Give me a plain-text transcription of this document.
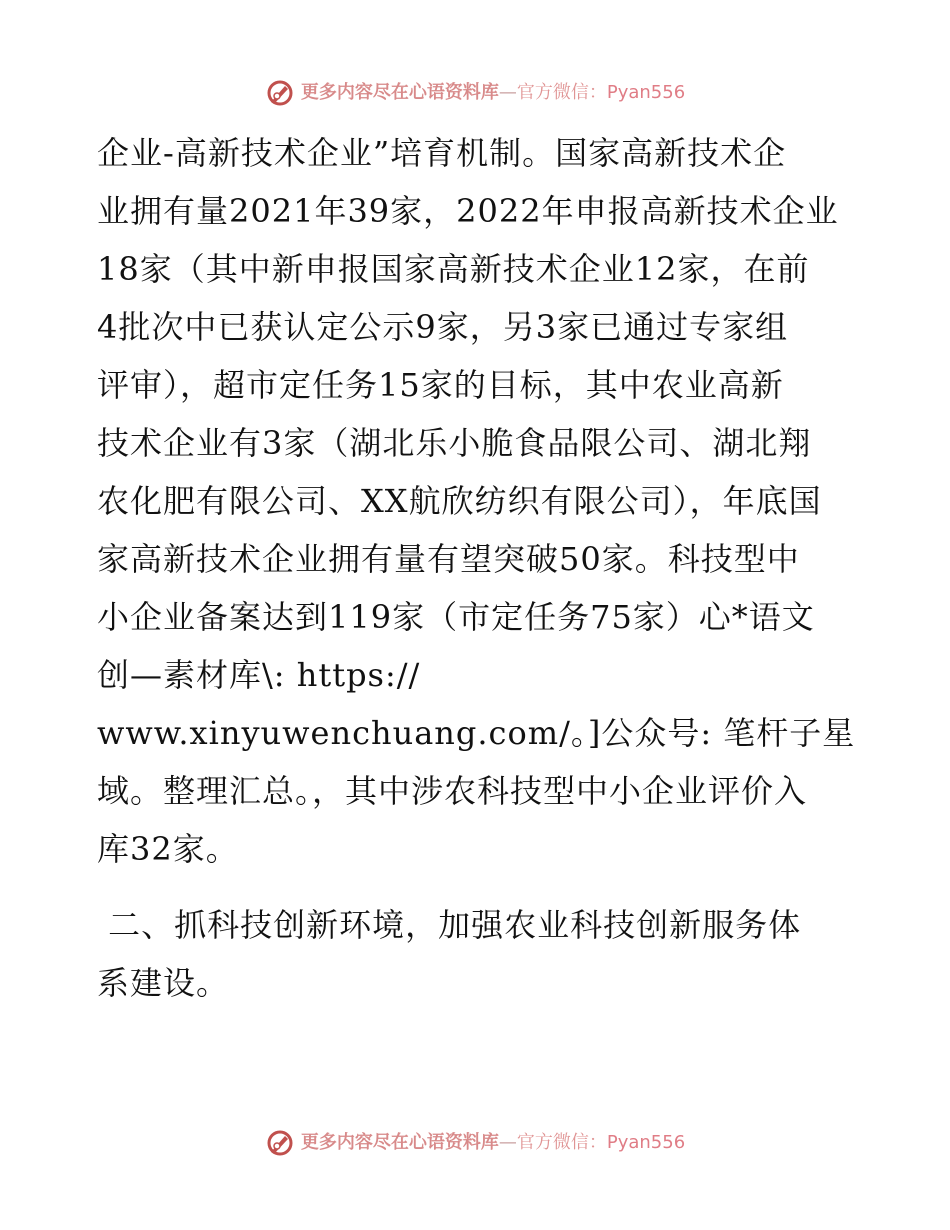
更多内容尽在心语资料库 — 官方微信： Pyan556
企业-高新技术企业”培育机制。国家高新技术企
业拥有量2021年39家，2022年申报高新技术企业
18家（其中新申报国家高新技术企业12家，在前
4批次中已获认定公示9家，另3家已通过专家组
评审），超市定任务15家的目标，其中农业高新
技术企业有3家（湖北乐小脆食品限公司、湖北翔
农化肥有限公司、XX航欣纺织有限公司），年底国
家高新技术企业拥有量有望突破50家。科技型中
小企业备案达到119家（市定任务75家）心*语文
创—素材库\: https://
www.xinyuwenchuang.com/。]公众号: 笔杆子星
域。整理汇总。，其中涉农科技型中小企业评价入
库32家。
二、抓科技创新环境，加强农业科技创新服务体
系建设。
更多内容尽在心语资料库 — 官方微信： Pyan556
